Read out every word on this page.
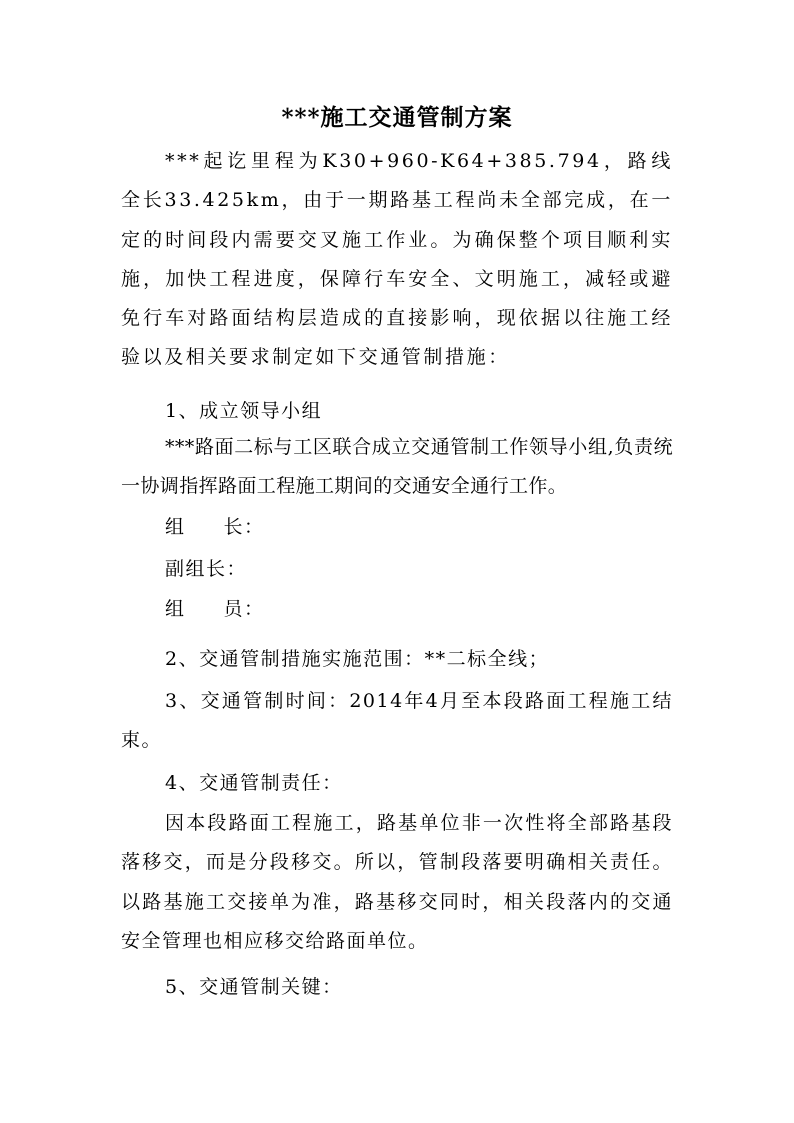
***施工交通管制方案
***起讫里程为K30+960-K64+385.794，路线全长33.425km，由于一期路基工程尚未全部完成，在一定的时间段内需要交叉施工作业。为确保整个项目顺利实施，加快工程进度，保障行车安全、文明施工，减轻或避免行车对路面结构层造成的直接影响，现依据以往施工经验以及相关要求制定如下交通管制措施：
1、成立领导小组
***路面二标与工区联合成立交通管制工作领导小组,负责统一协调指挥路面工程施工期间的交通安全通行工作。
组 长：
副组长：
组 员：
2、交通管制措施实施范围：**二标全线；
3、交通管制时间：2014年4月至本段路面工程施工结束。
4、交通管制责任：
因本段路面工程施工，路基单位非一次性将全部路基段落移交，而是分段移交。所以，管制段落要明确相关责任。以路基施工交接单为准，路基移交同时，相关段落内的交通安全管理也相应移交给路面单位。
5、交通管制关键：
